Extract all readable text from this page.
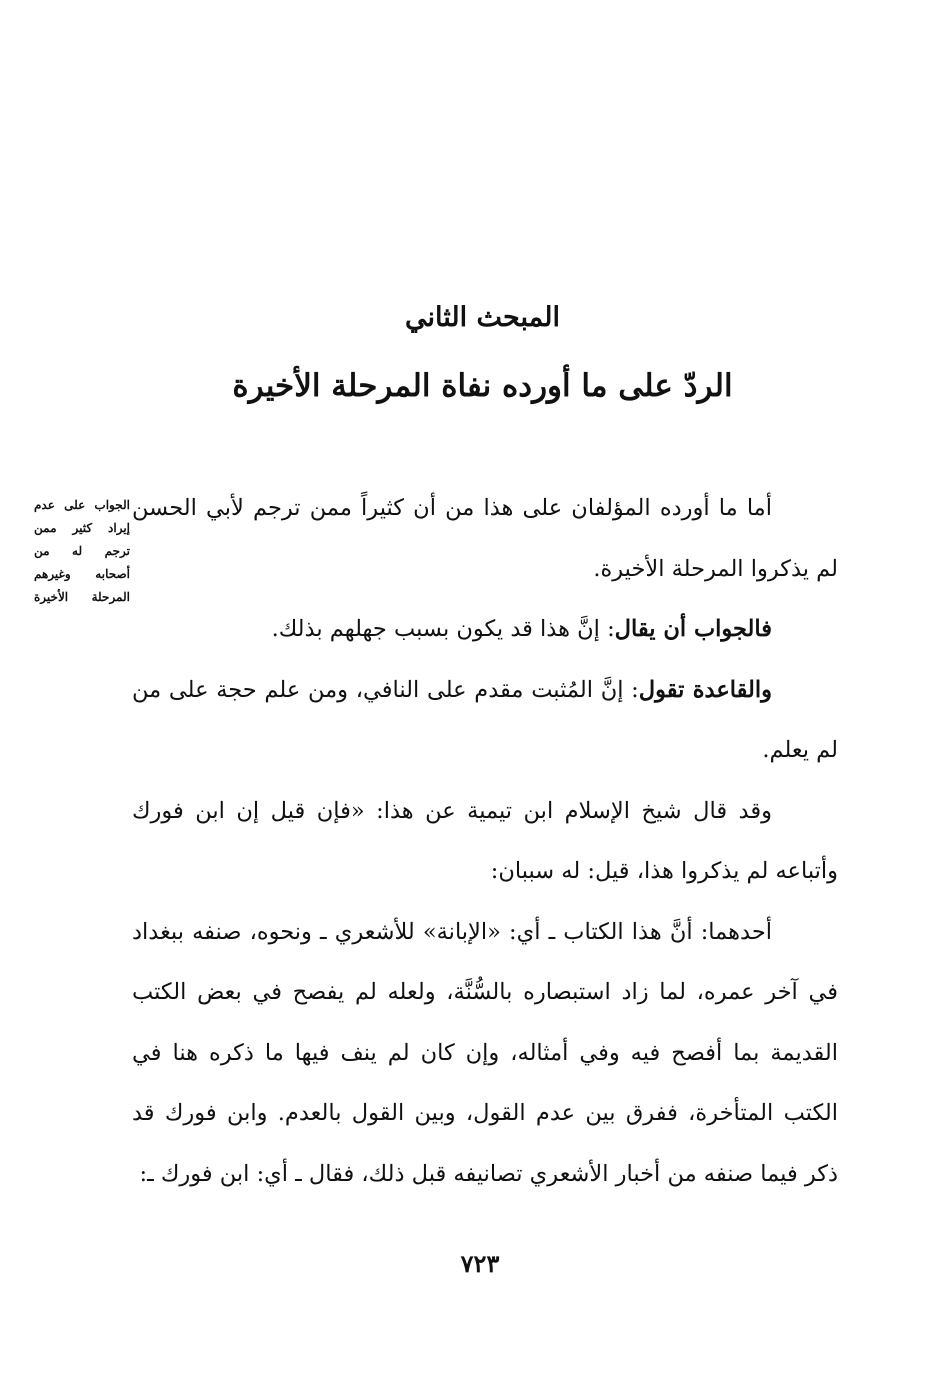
المبحث الثاني
الردّ على ما أورده نفاة المرحلة الأخيرة
الجواب على عدم
إيراد كثير ممن
ترجم له من
أصحابه وغيرهم
المرحلة الأخيرة

أما ما أورده المؤلفان على هذا من أن كثيراً ممن ترجم لأبي الحسن لم يذكروا المرحلة الأخيرة.

فالجواب أن يقال: إنَّ هذا قد يكون بسبب جهلهم بذلك.

والقاعدة تقول: إنَّ المُثبت مقدم على النافي، ومن علم حجة على من لم يعلم.

وقد قال شيخ الإسلام ابن تيمية عن هذا: «فإن قيل إن ابن فورك وأتباعه لم يذكروا هذا، قيل: له سببان:

أحدهما: أنَّ هذا الكتاب ـ أي: «الإبانة» للأشعري ـ ونحوه، صنفه ببغداد في آخر عمره، لما زاد استبصاره بالسُّنَّة، ولعله لم يفصح في بعض الكتب القديمة بما أفصح فيه وفي أمثاله، وإن كان لم ينف فيها ما ذكره هنا في الكتب المتأخرة، ففرق بين عدم القول، وبين القول بالعدم. وابن فورك قد ذكر فيما صنفه من أخبار الأشعري تصانيفه قبل ذلك، فقال ـ أي: ابن فورك ـ:

٧٢٣
